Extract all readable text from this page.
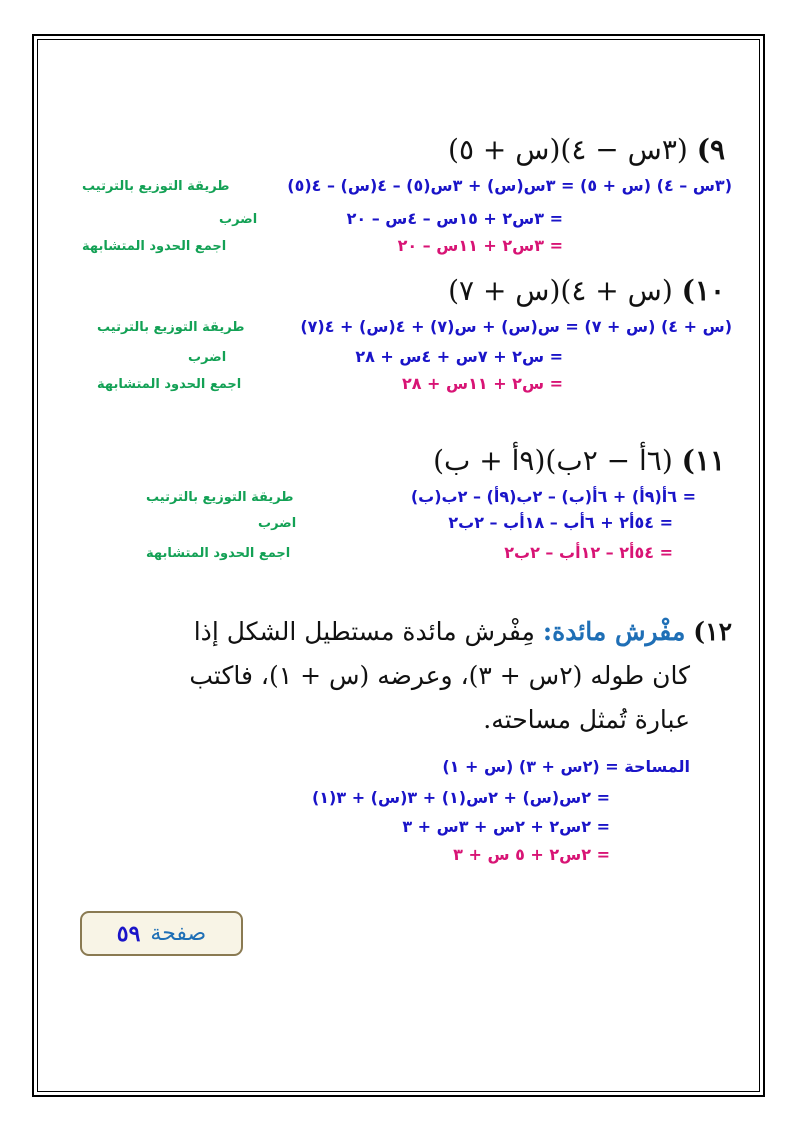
٩) (٣س − ٤)(س + ٥)
(٣س – ٤) (س + ٥) = ٣س(س) + ٣س(٥) – ٤(س) – ٤(٥)
طريقة التوزيع بالترتيب
= ٣س٢ + ١٥س – ٤س – ٢٠
اضرب
= ٣س٢ + ١١س – ٢٠
اجمع الحدود المتشابهة
١٠) (س + ٤)(س + ٧)
(س + ٤) (س + ٧) = س(س) + س(٧) + ٤(س) + ٤(٧)
طريقة التوزيع بالترتيب
= س٢ + ٧س + ٤س + ٢٨
اضرب
= س٢ + ١١س + ٢٨
اجمع الحدود المتشابهة
١١) (٦أ − ٢ب)(٩أ + ب)
= ٦أ(٩أ) + ٦أ(ب) – ٢ب(٩أ) – ٢ب(ب)
طريقة التوزيع بالترتيب
= ٥٤أ٢ + ٦أب – ١٨أب – ٢ب٢
اضرب
= ٥٤أ٢ – ١٢أب – ٢ب٢
اجمع الحدود المتشابهة
١٢) مفْرش مائدة: مِفْرش مائدة مستطيل الشكل إذا
كان طوله (٢س + ٣)، وعرضه (س + ١)، فاكتب
عبارة تُمثل مساحته.
المساحة = (٢س + ٣) (س + ١)
= ٢س(س) + ٢س(١) + ٣(س) + ٣(١)
= ٢س٢ + ٢س + ٣س + ٣
= ٢س٢ + ٥ س + ٣
صفحة
٥٩
